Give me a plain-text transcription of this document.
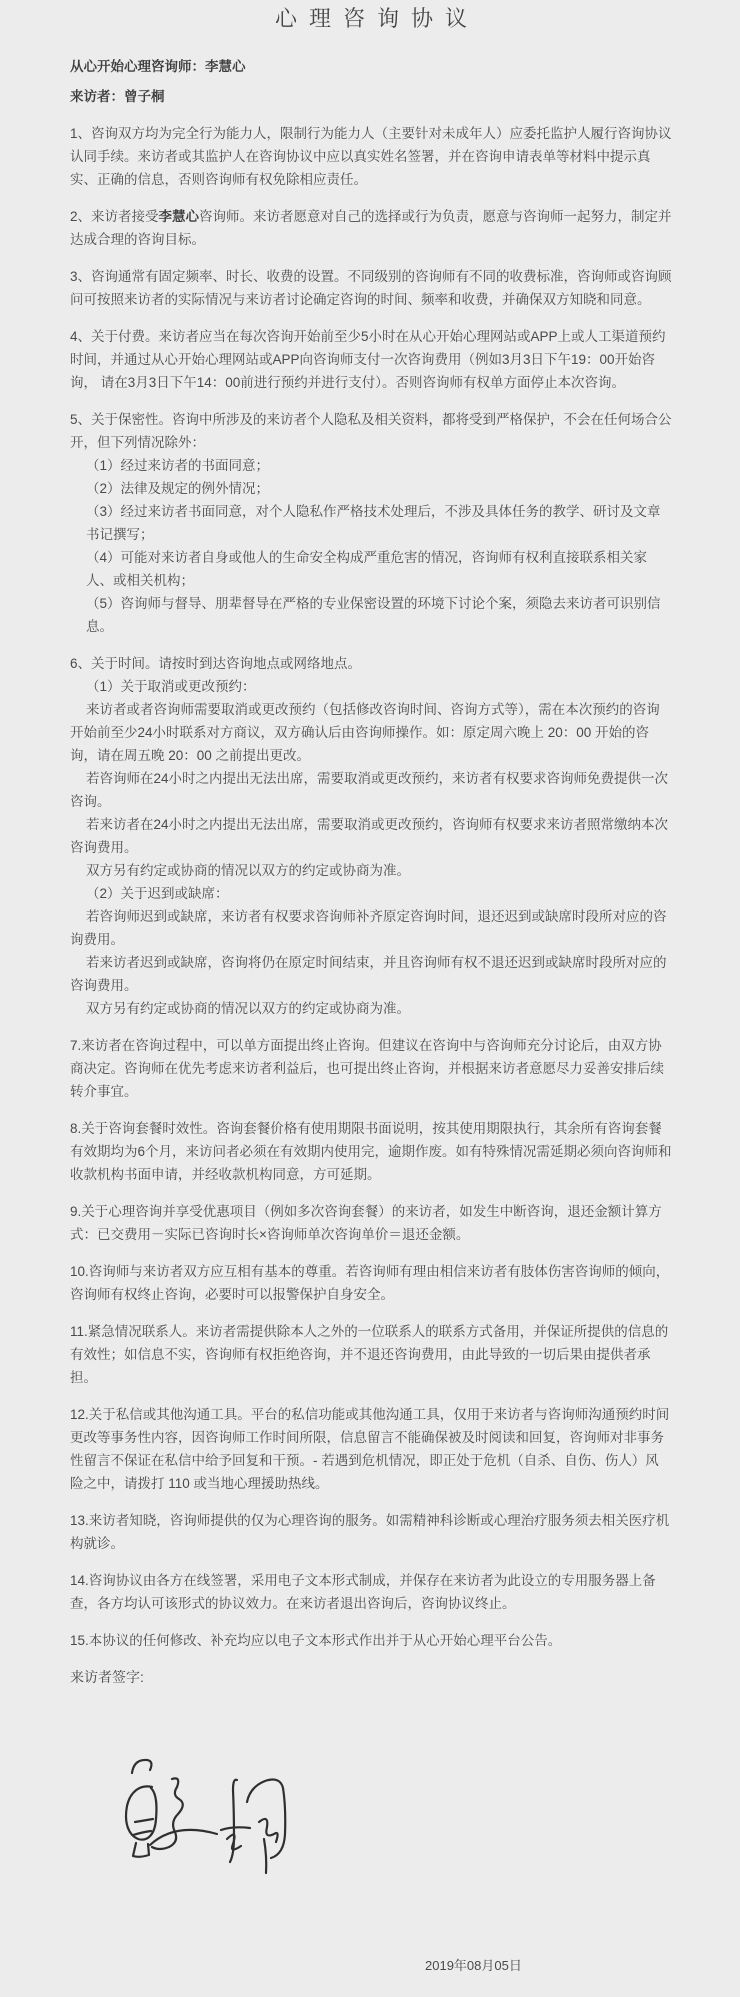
心理咨询协议
从心开始心理咨询师：李慧心
来访者：曾子桐
1、咨询双方均为完全行为能力人，限制行为能力人（主要针对未成年人）应委托监护人履行咨询协议认同手续。来访者或其监护人在咨询协议中应以真实姓名签署，并在咨询申请表单等材料中提示真实、正确的信息，否则咨询师有权免除相应责任。
2、来访者接受李慧心咨询师。来访者愿意对自己的选择或行为负责，愿意与咨询师一起努力，制定并达成合理的咨询目标。
3、咨询通常有固定频率、时长、收费的设置。不同级别的咨询师有不同的收费标准，咨询师或咨询顾问可按照来访者的实际情况与来访者讨论确定咨询的时间、频率和收费，并确保双方知晓和同意。
4、关于付费。来访者应当在每次咨询开始前至少5小时在从心开始心理网站或APP上或人工渠道预约时间，并通过从心开始心理网站或APP向咨询师支付一次咨询费用（例如3月3日下午19：00开始咨询， 请在3月3日下午14：00前进行预约并进行支付）。否则咨询师有权单方面停止本次咨询。
5、关于保密性。咨询中所涉及的来访者个人隐私及相关资料，都将受到严格保护，不会在任何场合公开，但下列情况除外：
（1）经过来访者的书面同意；
（2）法律及规定的例外情况；
（3）经过来访者书面同意，对个人隐私作严格技术处理后，不涉及具体任务的教学、研讨及文章书记撰写；
（4）可能对来访者自身或他人的生命安全构成严重危害的情况，咨询师有权利直接联系相关家人、或相关机构；
（5）咨询师与督导、朋辈督导在严格的专业保密设置的环境下讨论个案，须隐去来访者可识别信息。
6、关于时间。请按时到达咨询地点或网络地点。
（1）关于取消或更改预约：
来访者或者咨询师需要取消或更改预约（包括修改咨询时间、咨询方式等），需在本次预约的咨询开始前至少24小时联系对方商议，双方确认后由咨询师操作。如：原定周六晚上 20：00 开始的咨询，请在周五晚 20：00 之前提出更改。
若咨询师在24小时之内提出无法出席，需要取消或更改预约，来访者有权要求咨询师免费提供一次咨询。
若来访者在24小时之内提出无法出席，需要取消或更改预约，咨询师有权要求来访者照常缴纳本次咨询费用。
双方另有约定或协商的情况以双方的约定或协商为准。
（2）关于迟到或缺席：
若咨询师迟到或缺席，来访者有权要求咨询师补齐原定咨询时间，退还迟到或缺席时段所对应的咨询费用。
若来访者迟到或缺席，咨询将仍在原定时间结束，并且咨询师有权不退还迟到或缺席时段所对应的咨询费用。
双方另有约定或协商的情况以双方的约定或协商为准。
7.来访者在咨询过程中，可以单方面提出终止咨询。但建议在咨询中与咨询师充分讨论后，由双方协商决定。咨询师在优先考虑来访者利益后，也可提出终止咨询，并根据来访者意愿尽力妥善安排后续转介事宜。
8.关于咨询套餐时效性。咨询套餐价格有使用期限书面说明，按其使用期限执行，其余所有咨询套餐有效期均为6个月，来访问者必须在有效期内使用完，逾期作废。如有特殊情况需延期必须向咨询师和收款机构书面申请，并经收款机构同意，方可延期。
9.关于心理咨询并享受优惠项目（例如多次咨询套餐）的来访者，如发生中断咨询，退还金额计算方式：已交费用－实际已咨询时长×咨询师单次咨询单价＝退还金额。
10.咨询师与来访者双方应互相有基本的尊重。若咨询师有理由相信来访者有肢体伤害咨询师的倾向，咨询师有权终止咨询，必要时可以报警保护自身安全。
11.紧急情况联系人。来访者需提供除本人之外的一位联系人的联系方式备用，并保证所提供的信息的有效性；如信息不实，咨询师有权拒绝咨询，并不退还咨询费用，由此导致的一切后果由提供者承担。
12.关于私信或其他沟通工具。平台的私信功能或其他沟通工具，仅用于来访者与咨询师沟通预约时间更改等事务性内容，因咨询师工作时间所限，信息留言不能确保被及时阅读和回复，咨询师对非事务性留言不保证在私信中给予回复和干预。- 若遇到危机情况，即正处于危机（自杀、自伤、伤人）风险之中，请拨打 110 或当地心理援助热线。
13.来访者知晓，咨询师提供的仅为心理咨询的服务。如需精神科诊断或心理治疗服务须去相关医疗机构就诊。
14.咨询协议由各方在线签署，采用电子文本形式制成，并保存在来访者为此设立的专用服务器上备查，各方均认可该形式的协议效力。在来访者退出咨询后，咨询协议终止。
15.本协议的任何修改、补充均应以电子文本形式作出并于从心开始心理平台公告。
来访者签字:
2019年08月05日
